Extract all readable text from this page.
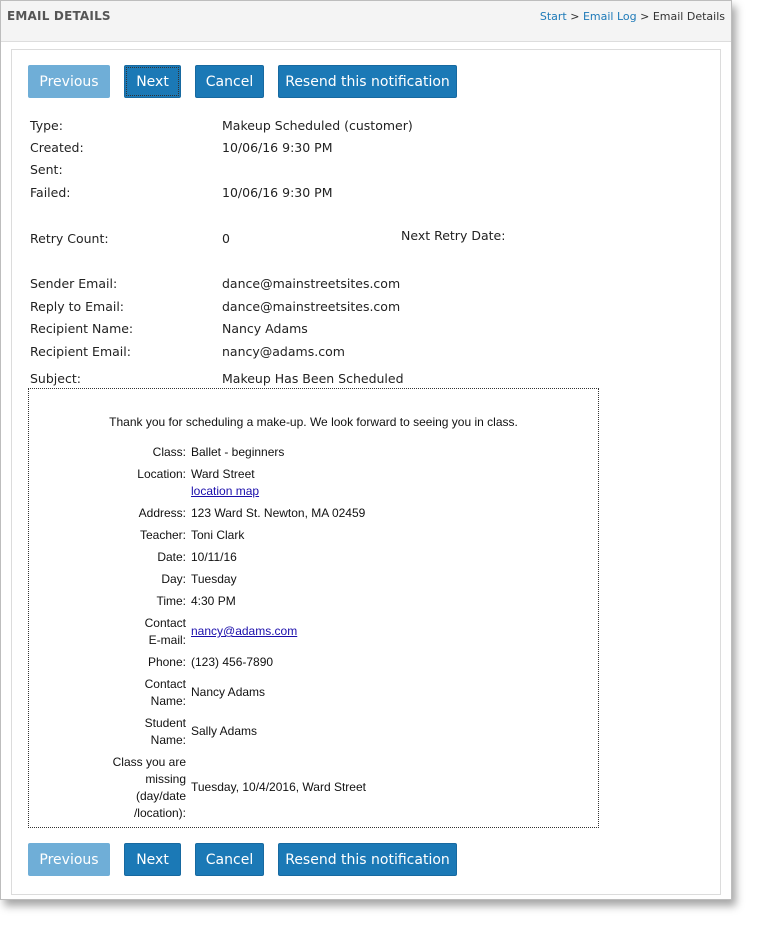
EMAIL DETAILS	Start > Email Log > Email Details
Previous	Next	Cancel	Resend this notification
Type:	Makeup Scheduled (customer)
Created:	10/06/16 9:30 PM
Sent:
Failed:	10/06/16 9:30 PM
Retry Count:	0	Next Retry Date:
Sender Email:	dance@mainstreetsites.com
Reply to Email:	dance@mainstreetsites.com
Recipient Name:	Nancy Adams
Recipient Email:	nancy@adams.com
Subject:	Makeup Has Been Scheduled
Thank you for scheduling a make-up. We look forward to seeing you in class.
Class: Ballet - beginners
Location: Ward Street
location map
Address: 123 Ward St. Newton, MA 02459
Teacher: Toni Clark
Date: 10/11/16
Day: Tuesday
Time: 4:30 PM
Contact
E-mail:
nancy@adams.com
Phone: (123) 456-7890
Contact
Name:
Nancy Adams
Student
Name:
Sally Adams
Class you are
missing
(day/date
/location):
Tuesday, 10/4/2016, Ward Street
Previous	Next	Cancel	Resend this notification
